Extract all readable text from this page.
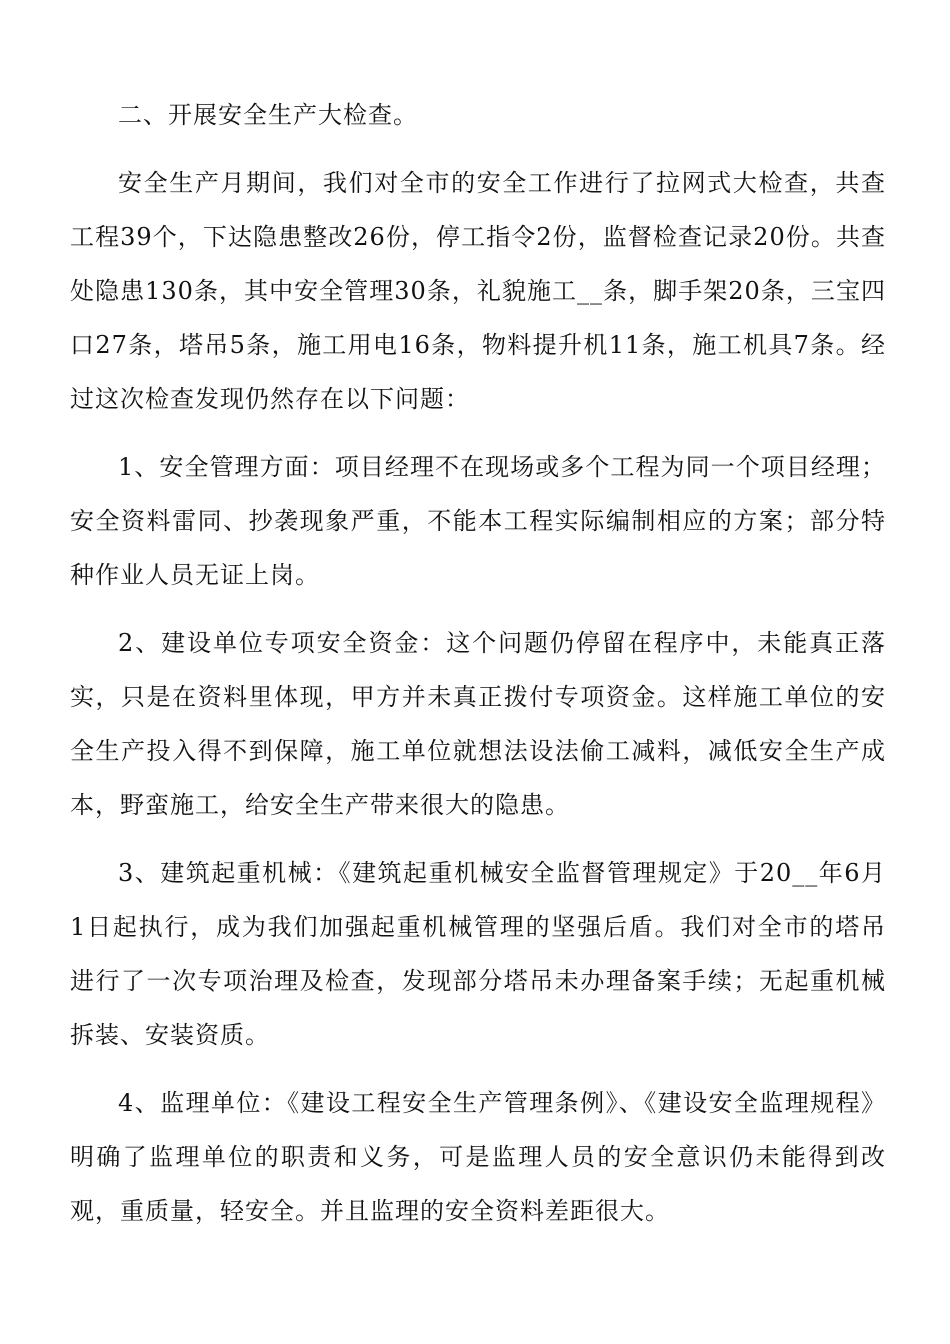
二、开展安全生产大检查。

安全生产月期间，我们对全市的安全工作进行了拉网式大检查，共查工程39个，下达隐患整改26份，停工指令2份，监督检查记录20份。共查处隐患130条，其中安全管理30条，礼貌施工__条，脚手架20条，三宝四口27条，塔吊5条，施工用电16条，物料提升机11条，施工机具7条。经过这次检查发现仍然存在以下问题：

1、安全管理方面：项目经理不在现场或多个工程为同一个项目经理；安全资料雷同、抄袭现象严重，不能本工程实际编制相应的方案；部分特种作业人员无证上岗。

2、建设单位专项安全资金：这个问题仍停留在程序中，未能真正落实，只是在资料里体现，甲方并未真正拨付专项资金。这样施工单位的安全生产投入得不到保障，施工单位就想法设法偷工减料，减低安全生产成本，野蛮施工，给安全生产带来很大的隐患。

3、建筑起重机械：《建筑起重机械安全监督管理规定》于20__年6月1日起执行，成为我们加强起重机械管理的坚强后盾。我们对全市的塔吊进行了一次专项治理及检查，发现部分塔吊未办理备案手续；无起重机械拆装、安装资质。

4、监理单位：《建设工程安全生产管理条例》、《建设安全监理规程》明确了监理单位的职责和义务，可是监理人员的安全意识仍未能得到改观，重质量，轻安全。并且监理的安全资料差距很大。
